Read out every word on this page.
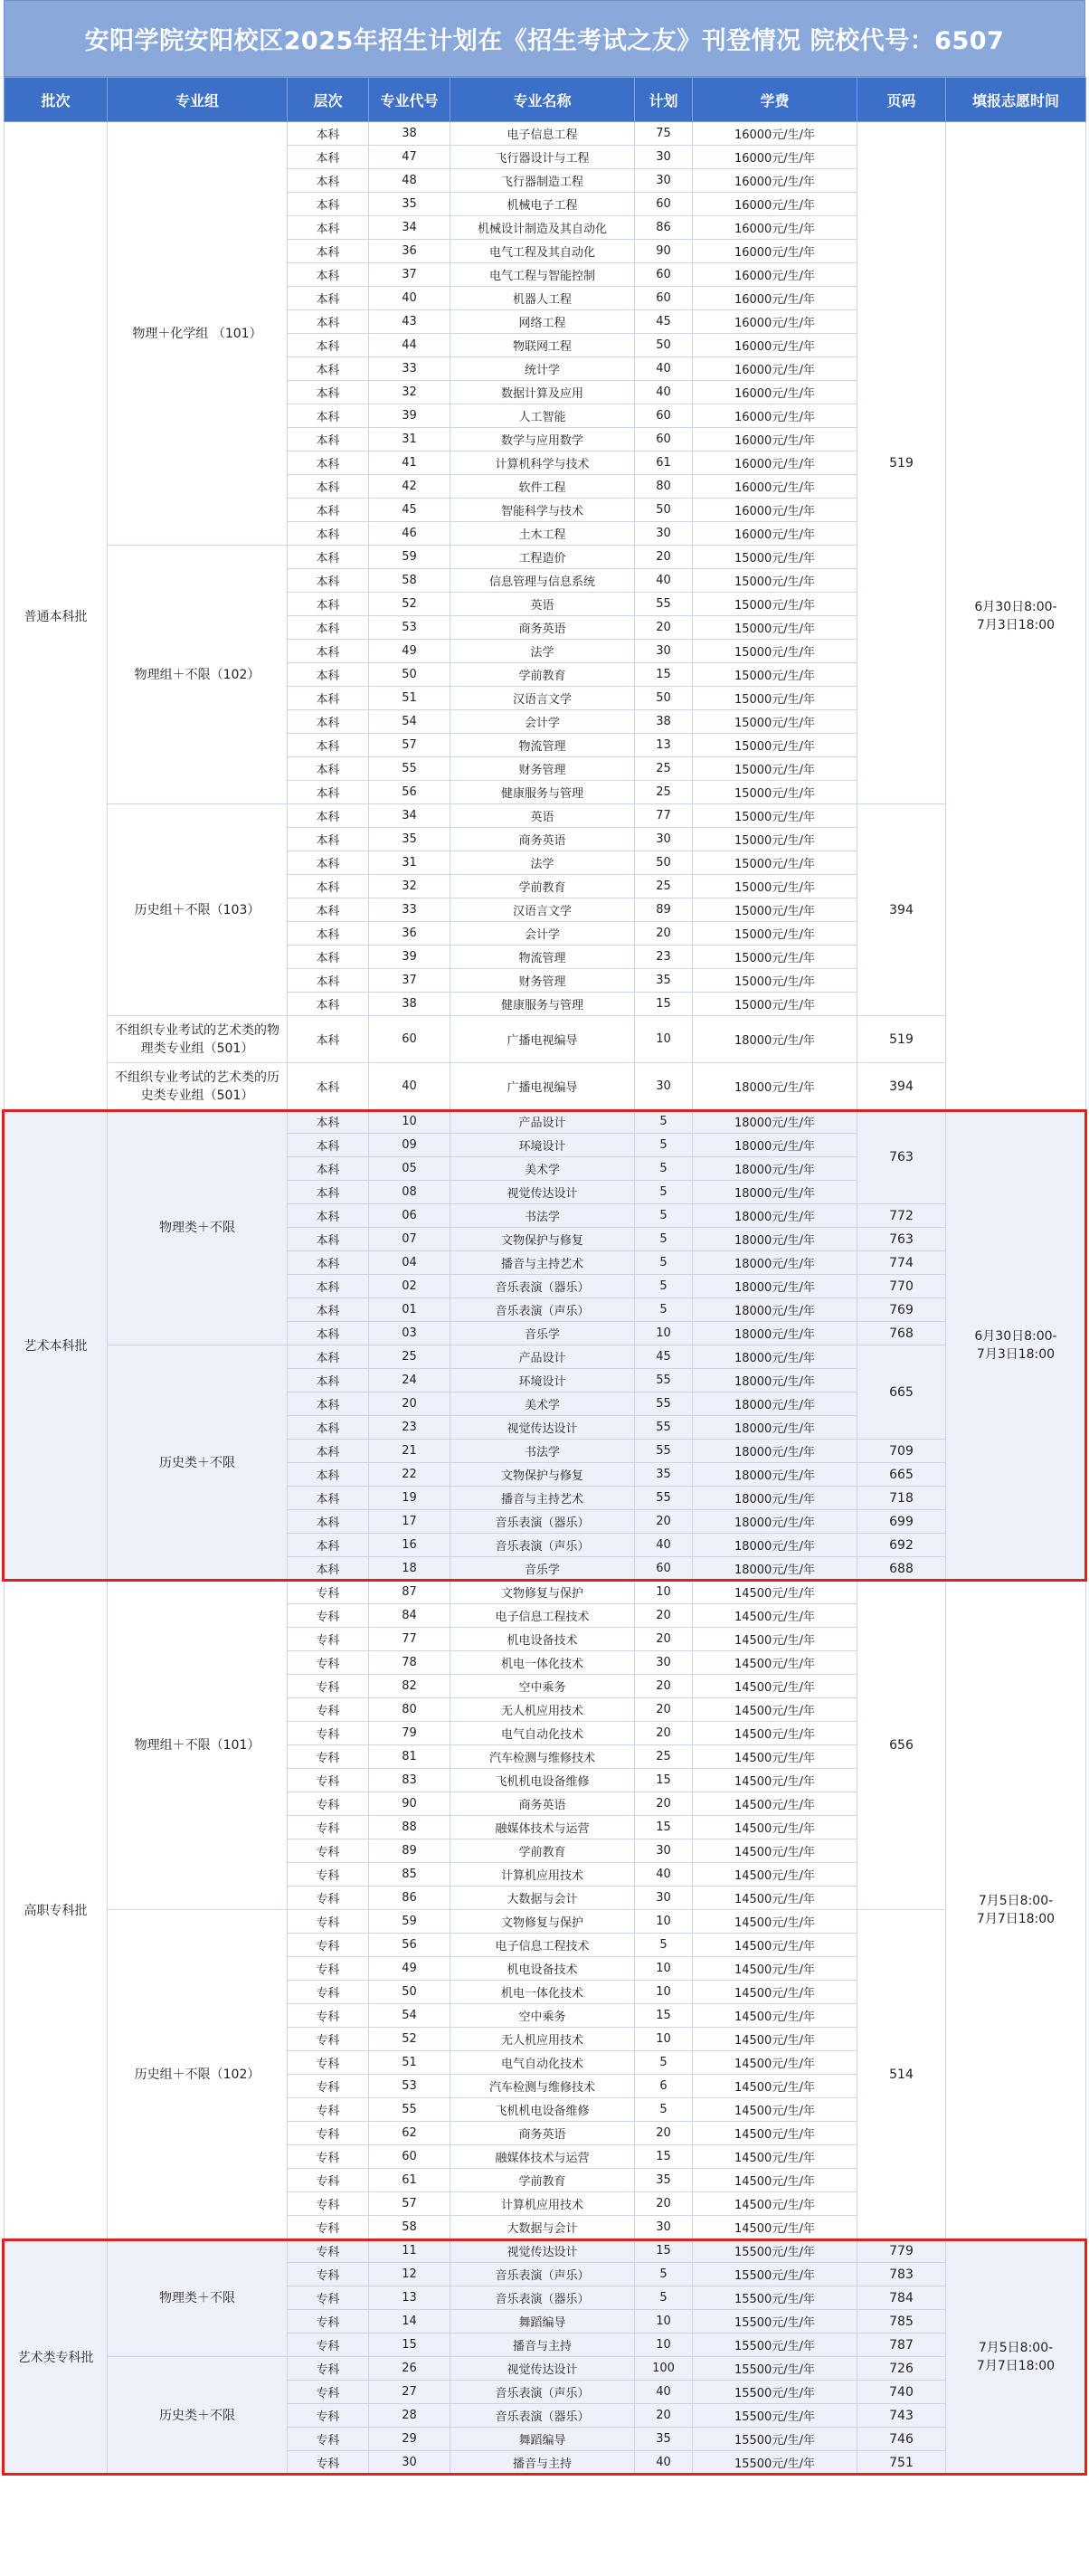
安阳学院安阳校区2025年招生计划在《招生考试之友》刊登情况 院校代号：6507
批次	专业组	层次	专业代号	专业名称	计划	学费	页码	填报志愿时间
普通本科批	物理＋化学组 （101）	本科	38	电子信息工程	75	16000元/生/年	519	6月30日8:00-
7月3日18:00
		本科	47	飞行器设计与工程	30	16000元/生/年		
		本科	48	飞行器制造工程	30	16000元/生/年		
		本科	35	机械电子工程	60	16000元/生/年		
		本科	34	机械设计制造及其自动化	86	16000元/生/年		
		本科	36	电气工程及其自动化	90	16000元/生/年		
		本科	37	电气工程与智能控制	60	16000元/生/年		
		本科	40	机器人工程	60	16000元/生/年		
		本科	43	网络工程	45	16000元/生/年		
		本科	44	物联网工程	50	16000元/生/年		
		本科	33	统计学	40	16000元/生/年		
		本科	32	数据计算及应用	40	16000元/生/年		
		本科	39	人工智能	60	16000元/生/年		
		本科	31	数学与应用数学	60	16000元/生/年		
		本科	41	计算机科学与技术	61	16000元/生/年		
		本科	42	软件工程	80	16000元/生/年		
		本科	45	智能科学与技术	50	16000元/生/年		
		本科	46	土木工程	30	16000元/生/年		
	物理组＋不限（102）	本科	59	工程造价	20	15000元/生/年		
		本科	58	信息管理与信息系统	40	15000元/生/年		
		本科	52	英语	55	15000元/生/年		
		本科	53	商务英语	20	15000元/生/年		
		本科	49	法学	30	15000元/生/年		
		本科	50	学前教育	15	15000元/生/年		
		本科	51	汉语言文学	50	15000元/生/年		
		本科	54	会计学	38	15000元/生/年		
		本科	57	物流管理	13	15000元/生/年		
		本科	55	财务管理	25	15000元/生/年		
		本科	56	健康服务与管理	25	15000元/生/年		
	历史组＋不限（103）	本科	34	英语	77	15000元/生/年	394	
		本科	35	商务英语	30	15000元/生/年		
		本科	31	法学	50	15000元/生/年		
		本科	32	学前教育	25	15000元/生/年		
		本科	33	汉语言文学	89	15000元/生/年		
		本科	36	会计学	20	15000元/生/年		
		本科	39	物流管理	23	15000元/生/年		
		本科	37	财务管理	35	15000元/生/年		
		本科	38	健康服务与管理	15	15000元/生/年		
	不组织专业考试的艺术类的物理类专业组（501）	本科	60	广播电视编导	10	18000元/生/年	519	
	不组织专业考试的艺术类的历史类专业组（501）	本科	40	广播电视编导	30	18000元/生/年	394	
艺术本科批	物理类＋不限	本科	10	产品设计	5	18000元/生/年	763	6月30日8:00-
7月3日18:00
		本科	09	环境设计	5	18000元/生/年		
		本科	05	美术学	5	18000元/生/年		
		本科	08	视觉传达设计	5	18000元/生/年		
		本科	06	书法学	5	18000元/生/年	772	
		本科	07	文物保护与修复	5	18000元/生/年	763	
		本科	04	播音与主持艺术	5	18000元/生/年	774	
		本科	02	音乐表演（器乐）	5	18000元/生/年	770	
		本科	01	音乐表演（声乐）	5	18000元/生/年	769	
		本科	03	音乐学	10	18000元/生/年	768	
	历史类＋不限	本科	25	产品设计	45	18000元/生/年	665	
		本科	24	环境设计	55	18000元/生/年		
		本科	20	美术学	55	18000元/生/年		
		本科	23	视觉传达设计	55	18000元/生/年		
		本科	21	书法学	55	18000元/生/年	709	
		本科	22	文物保护与修复	35	18000元/生/年	665	
		本科	19	播音与主持艺术	55	18000元/生/年	718	
		本科	17	音乐表演（器乐）	20	18000元/生/年	699	
		本科	16	音乐表演（声乐）	40	18000元/生/年	692	
		本科	18	音乐学	60	18000元/生/年	688	
高职专科批	物理组＋不限（101）	专科	87	文物修复与保护	10	14500元/生/年	656	7月5日8:00-
7月7日18:00
		专科	84	电子信息工程技术	20	14500元/生/年		
		专科	77	机电设备技术	20	14500元/生/年		
		专科	78	机电一体化技术	30	14500元/生/年		
		专科	82	空中乘务	20	14500元/生/年		
		专科	80	无人机应用技术	20	14500元/生/年		
		专科	79	电气自动化技术	20	14500元/生/年		
		专科	81	汽车检测与维修技术	25	14500元/生/年		
		专科	83	飞机机电设备维修	15	14500元/生/年		
		专科	90	商务英语	20	14500元/生/年		
		专科	88	融媒体技术与运营	15	14500元/生/年		
		专科	89	学前教育	30	14500元/生/年		
		专科	85	计算机应用技术	40	14500元/生/年		
		专科	86	大数据与会计	30	14500元/生/年		
	历史组＋不限（102）	专科	59	文物修复与保护	10	14500元/生/年	514	
		专科	56	电子信息工程技术	5	14500元/生/年		
		专科	49	机电设备技术	10	14500元/生/年		
		专科	50	机电一体化技术	10	14500元/生/年		
		专科	54	空中乘务	15	14500元/生/年		
		专科	52	无人机应用技术	10	14500元/生/年		
		专科	51	电气自动化技术	5	14500元/生/年		
		专科	53	汽车检测与维修技术	6	14500元/生/年		
		专科	55	飞机机电设备维修	5	14500元/生/年		
		专科	62	商务英语	20	14500元/生/年		
		专科	60	融媒体技术与运营	15	14500元/生/年		
		专科	61	学前教育	35	14500元/生/年		
		专科	57	计算机应用技术	20	14500元/生/年		
		专科	58	大数据与会计	30	14500元/生/年		
艺术类专科批	物理类＋不限	专科	11	视觉传达设计	15	15500元/生/年	779	7月5日8:00-
7月7日18:00
		专科	12	音乐表演（声乐）	5	15500元/生/年	783	
		专科	13	音乐表演（器乐）	5	15500元/生/年	784	
		专科	14	舞蹈编导	10	15500元/生/年	785	
		专科	15	播音与主持	10	15500元/生/年	787	
	历史类＋不限	专科	26	视觉传达设计	100	15500元/生/年	726	
		专科	27	音乐表演（声乐）	40	15500元/生/年	740	
		专科	28	音乐表演（器乐）	20	15500元/生/年	743	
		专科	29	舞蹈编导	35	15500元/生/年	746	
		专科	30	播音与主持	40	15500元/生/年	751	
